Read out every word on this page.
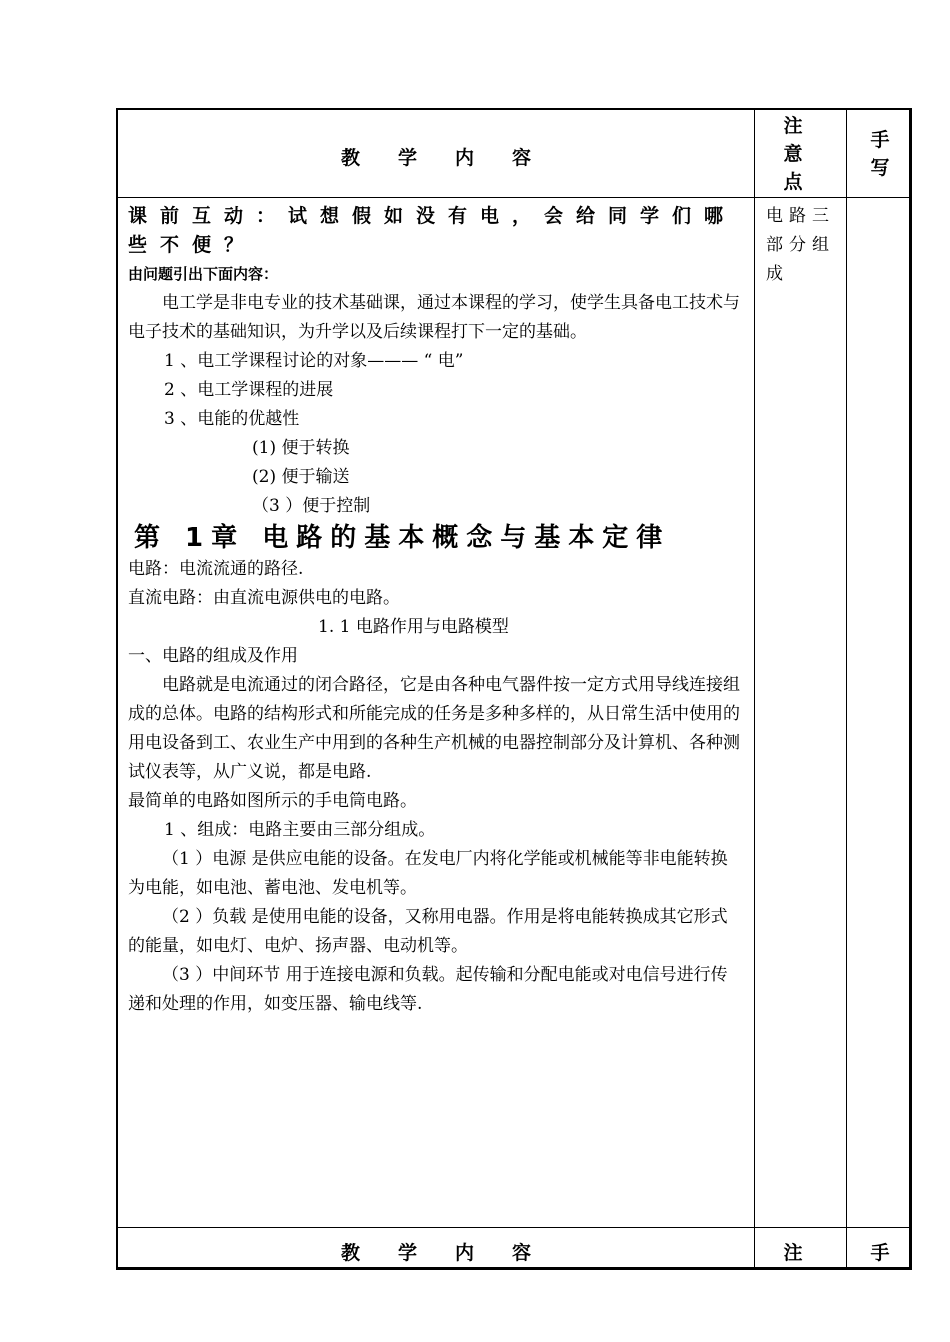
教学内容
注意点
手写

课前互动：试想假如没有电，会给同学们哪些不便？

由问题引出下面内容：

电工学是非电专业的技术基础课，通过本课程的学习，使学生具备电工技术与电子技术的基础知识，为升学以及后续课程打下一定的基础。

1 、电工学课程讨论的对象——— “ 电”

2 、电工学课程的进展

3 、电能的优越性

(1) 便于转换

(2) 便于输送

（3 ）便于控制

第 1章 电路的基本概念与基本定律

电路：电流流通的路径.

直流电路：由直流电源供电的电路。

1. 1 电路作用与电路模型

一、电路的组成及作用

电路就是电流通过的闭合路径，它是由各种电气器件按一定方式用导线连接组成的总体。电路的结构形式和所能完成的任务是多种多样的，从日常生活中使用的用电设备到工、农业生产中用到的各种生产机械的电器控制部分及计算机、各种测试仪表等，从广义说，都是电路.

最简单的电路如图所示的手电筒电路。

1 、组成：电路主要由三部分组成。

（1 ）电源 是供应电能的设备。在发电厂内将化学能或机械能等非电能转换为电能，如电池、蓄电池、发电机等。

（2 ）负载 是使用电能的设备，又称用电器。作用是将电能转换成其它形式的能量，如电灯、电炉、扬声器、电动机等。

（3 ）中间环节 用于连接电源和负载。起传输和分配电能或对电信号进行传递和处理的作用，如变压器、输电线等.

电路三部分组成
教学内容	注	手
